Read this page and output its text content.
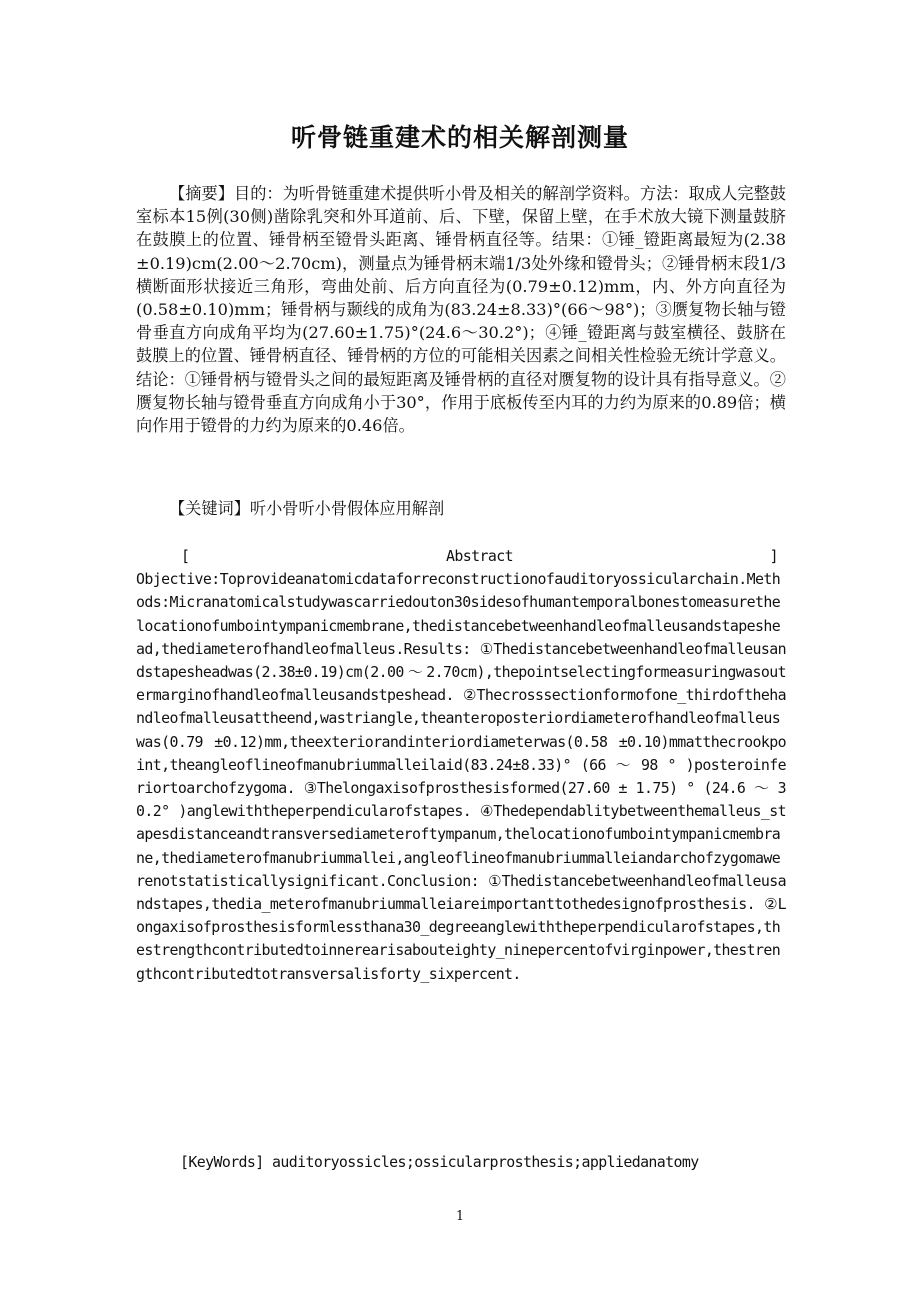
听骨链重建术的相关解剖测量
【摘要】目的：为听骨链重建术提供听小骨及相关的解剖学资料。方法：取成人完整鼓室标本15例(30侧)凿除乳突和外耳道前、后、下壁，保留上壁，在手术放大镜下测量鼓脐在鼓膜上的位置、锤骨柄至镫骨头距离、锤骨柄直径等。结果：①锤_镫距离最短为(2.38±0.19)cm(2.00～2.70cm)，测量点为锤骨柄末端1/3处外缘和镫骨头；②锤骨柄末段1/3横断面形状接近三角形，弯曲处前、后方向直径为(0.79±0.12)mm，内、外方向直径为(0.58±0.10)mm；锤骨柄与颞线的成角为(83.24±8.33)°(66～98°)；③赝复物长轴与镫骨垂直方向成角平均为(27.60±1.75)°(24.6～30.2°)；④锤_镫距离与鼓室横径、鼓脐在鼓膜上的位置、锤骨柄直径、锤骨柄的方位的可能相关因素之间相关性检验无统计学意义。结论：①锤骨柄与镫骨头之间的最短距离及锤骨柄的直径对赝复物的设计具有指导意义。②赝复物长轴与镫骨垂直方向成角小于30°，作用于底板传至内耳的力约为原来的0.89倍；横向作用于镫骨的力约为原来的0.46倍。
【关键词】听小骨听小骨假体应用解剖
[	Abstract	]
Objective:Toprovideanatomicdataforreconstructionofauditoryossicularchain.Methods:Micranatomicalstudywascarriedouton30sidesofhumantemporalbonestomeasurethelocationofumbointympanicmembrane,thedistancebetweenhandleofmalleusandstapeshead,thediameterofhandleofmalleus.Results: ①Thedistancebetweenhandleofmalleusandstapesheadwas(2.38±0.19)cm(2.00～2.70cm),thepointselectingformeasuringwasoutermarginofhandleofmalleusandstpeshead. ②Thecrosssectionformofone_thirdofthehandleofmalleusattheend,wastriangle,theanteroposteriordiameterofhandleofmalleuswas(0.79 ±0.12)mm,theexteriorandinteriordiameterwas(0.58 ±0.10)mmatthecrookpoint,theangleoflineofmanubriummalleilaid(83.24±8.33)° (66 ～ 98 ° )posteroinferiortoarchofzygoma. ③Thelongaxisofprosthesisformed(27.60 ± 1.75) ° (24.6 ～ 30.2° )anglewiththeperpendicularofstapes. ④Thedependablitybetweenthemalleus_stapesdistanceandtransversediameteroftympanum,thelocationofumbointympanicmembrane,thediameterofmanubriummallei,angleoflineofmanubriummalleiandarchofzygomawerenotstatisticallysignificant.Conclusion: ①Thedistancebetweenhandleofmalleusandstapes,thedia_meterofmanubriummalleiareimportanttothedesignofprosthesis. ②Longaxisofprosthesisformlessthana30_degreeanglewiththeperpendicularofstapes,thestrengthcontributedtoinnerearisabouteighty_ninepercentofvirginpower,thestrengthcontributedtotransversalisforty_sixpercent.
[KeyWords] auditoryossicles;ossicularprosthesis;appliedanatomy
1
